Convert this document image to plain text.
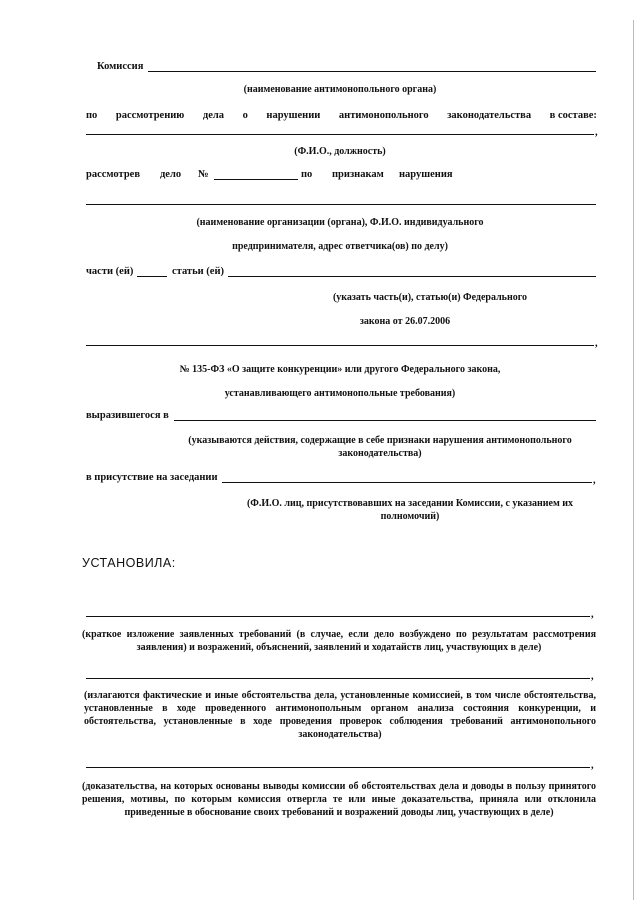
Комиссия
(наименование антимонопольного органа)
по рассмотрению дела о нарушении антимонопольного законодательства в составе:
,
(Ф.И.О., должность)
рассмотрев дело №	по признакам нарушения
(наименование организации (органа), Ф.И.О. индивидуального
предпринимателя, адрес ответчика(ов) по делу)
части (ей)	статьи (ей)
(указать часть(и), статью(и) Федерального
закона от 26.07.2006
,
№ 135-ФЗ «О защите конкуренции» или другого Федерального закона,
устанавливающего антимонопольные требования)
выразившегося в
(указываются действия, содержащие в себе признаки нарушения антимонопольного законодательства)
в присутствие на заседании	,
(Ф.И.О. лиц, присутствовавших на заседании Комиссии, с указанием их полномочий)
УСТАНОВИЛА:
,
(краткое изложение заявленных требований (в случае, если дело возбуждено по результатам рассмотрения заявления) и возражений, объяснений, заявлений и ходатайств лиц, участвующих в деле)
,
(излагаются фактические и иные обстоятельства дела, установленные комиссией, в том числе обстоятельства, установленные в ходе проведенного антимонопольным органом анализа состояния конкуренции, и обстоятельства, установленные в ходе проведения проверок соблюдения требований антимонопольного законодательства)
,
(доказательства, на которых основаны выводы комиссии об обстоятельствах дела и доводы в пользу принятого решения, мотивы, по которым комиссия отвергла те или иные доказательства, приняла или отклонила приведенные в обоснование своих требований и возражений доводы лиц, участвующих в деле)
